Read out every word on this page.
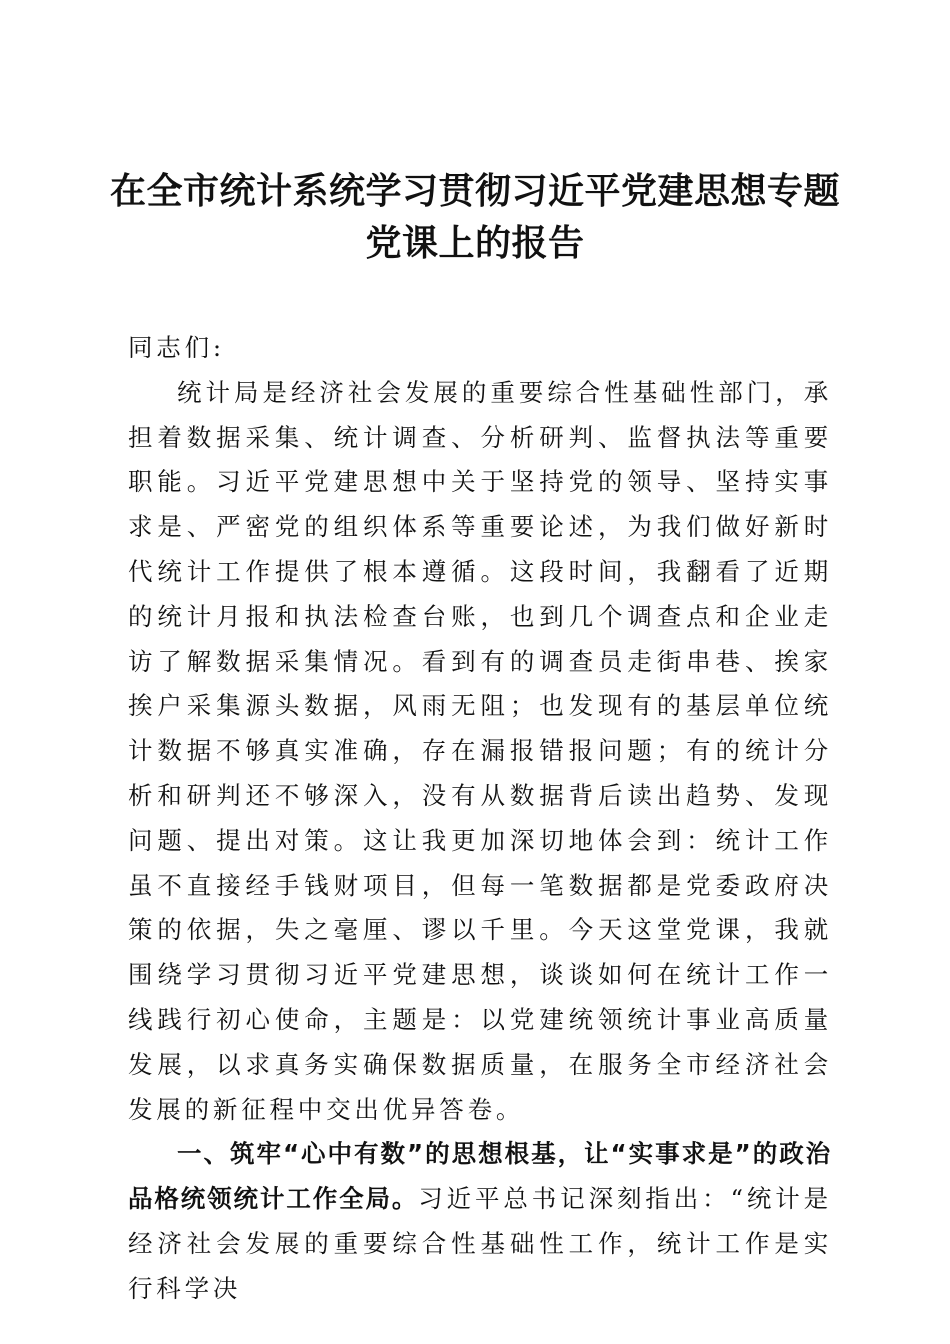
在全市统计系统学习贯彻习近平党建思想专题
党课上的报告

同志们:

统计局是经济社会发展的重要综合性基础性部门，承担着数据采集、统计调查、分析研判、监督执法等重要职能。习近平党建思想中关于坚持党的领导、坚持实事求是、严密党的组织体系等重要论述，为我们做好新时代统计工作提供了根本遵循。这段时间，我翻看了近期的统计月报和执法检查台账，也到几个调查点和企业走访了解数据采集情况。看到有的调查员走街串巷、挨家挨户采集源头数据，风雨无阻；也发现有的基层单位统计数据不够真实准确，存在漏报错报问题；有的统计分析和研判还不够深入，没有从数据背后读出趋势、发现问题、提出对策。这让我更加深切地体会到：统计工作虽不直接经手钱财项目，但每一笔数据都是党委政府决策的依据，失之毫厘、谬以千里。今天这堂党课，我就围绕学习贯彻习近平党建思想，谈谈如何在统计工作一线践行初心使命，主题是：以党建统领统计事业高质量发展，以求真务实确保数据质量，在服务全市经济社会发展的新征程中交出优异答卷。

一、筑牢“心中有数”的思想根基，让“实事求是”的政治品格统领统计工作全局。习近平总书记深刻指出：“统计是经济社会发展的重要综合性基础性工作，统计工作是实行科学决
